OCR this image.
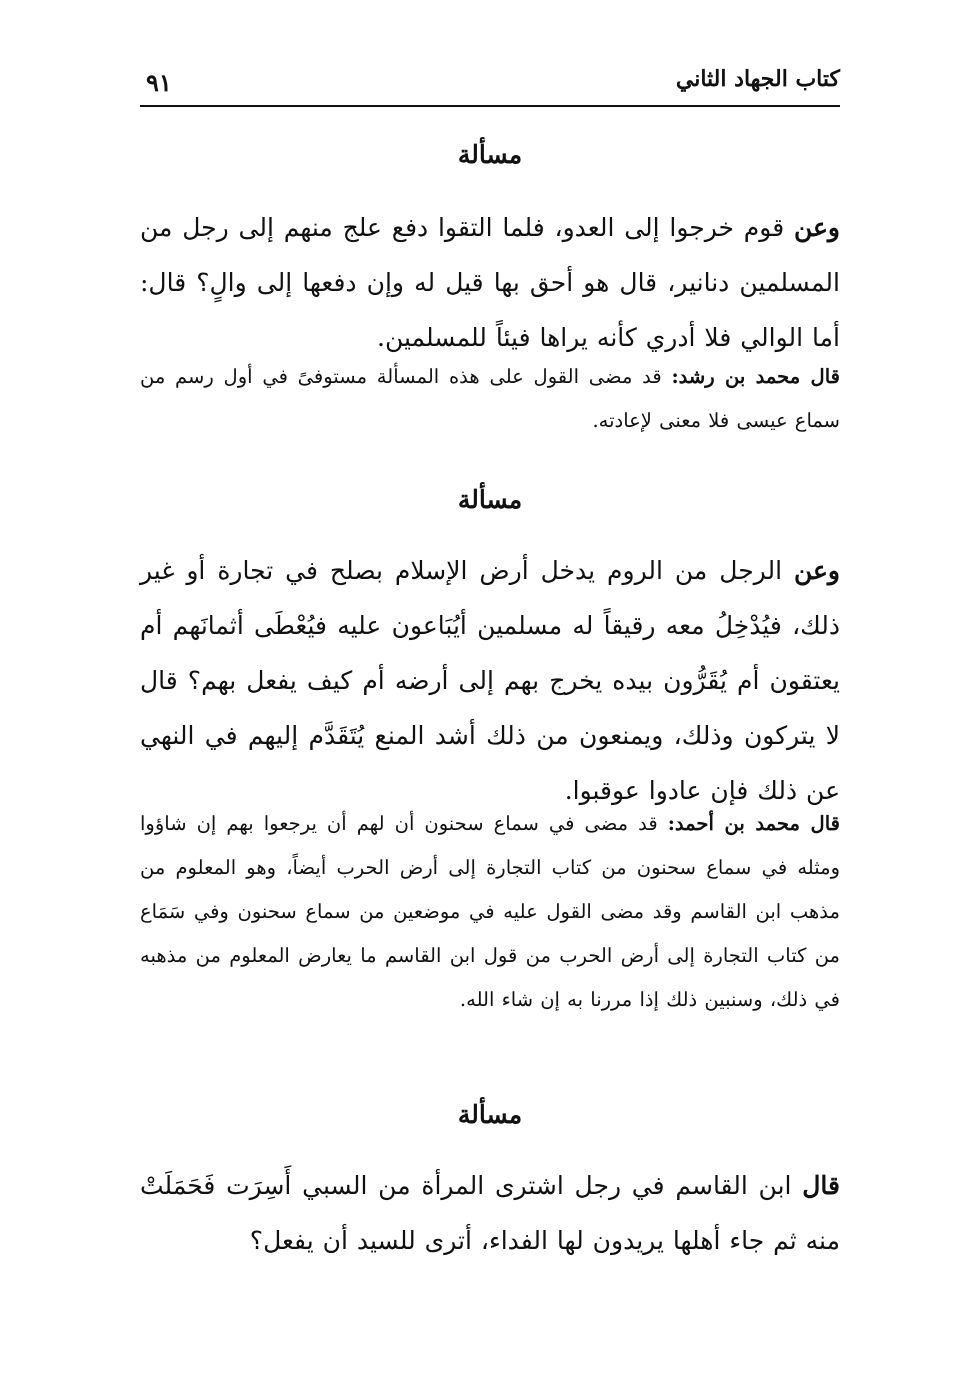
كتاب الجهاد الثاني
٩١
مسألة

وعن قوم خرجوا إلى العدو، فلما التقوا دفع علج منهم إلى رجل من المسلمين دنانير، قال هو أحق بها قيل له وإن دفعها إلى والٍ؟ قال: أما الوالي فلا أدري كأنه يراها فيئاً للمسلمين.

قال محمد بن رشد: قد مضى القول على هذه المسألة مستوفىً في أول رسم من سماع عيسى فلا معنى لإعادته.

مسألة

وعن الرجل من الروم يدخل أرض الإسلام بصلح في تجارة أو غير ذلك، فيُدْخِلُ معه رقيقاً له مسلمين أيُبَاعون عليه فيُعْطَى أثمانَهم أم يعتقون أم يُقَرُّون بيده يخرج بهم إلى أرضه أم كيف يفعل بهم؟ قال لا يتركون وذلك، ويمنعون من ذلك أشد المنع يُتَقَدَّم إليهم في النهي عن ذلك فإن عادوا عوقبوا.

قال محمد بن أحمد: قد مضى في سماع سحنون أن لهم أن يرجعوا بهم إن شاؤوا ومثله في سماع سحنون من كتاب التجارة إلى أرض الحرب أيضاً، وهو المعلوم من مذهب ابن القاسم وقد مضى القول عليه في موضعين من سماع سحنون وفي سَمَاع من كتاب التجارة إلى أرض الحرب من قول ابن القاسم ما يعارض المعلوم من مذهبه في ذلك، وسنبين ذلك إذا مررنا به إن شاء الله.

مسألة

قال ابن القاسم في رجل اشترى المرأة من السبي أَسِرَت فَحَمَلَتْ منه ثم جاء أهلها يريدون لها الفداء، أترى للسيد أن يفعل؟
